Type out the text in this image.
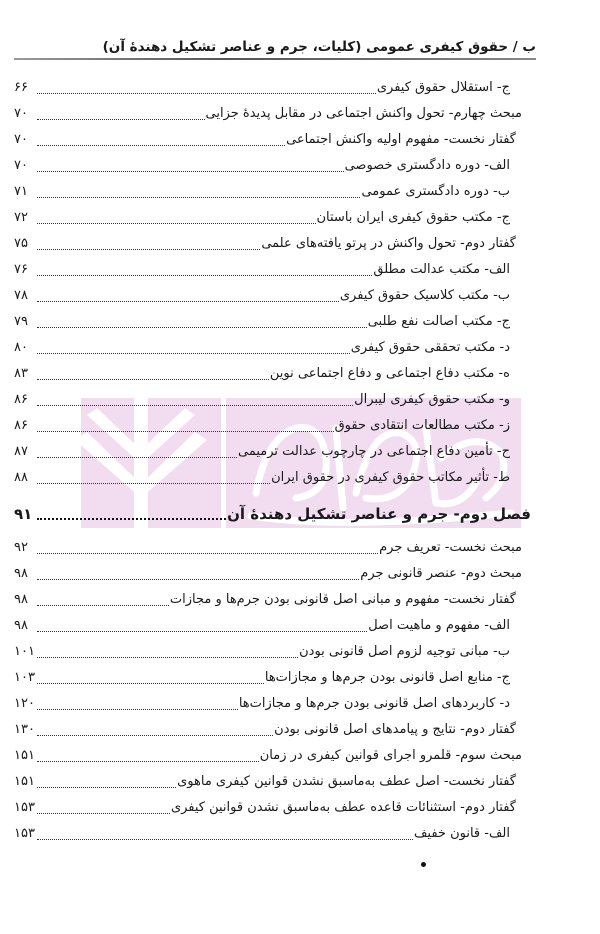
ب / حقوق کیفری عمومی (کلیات، جرم و عناصر تشکیل دهندهٔ آن)
ج- استقلال حقوق کیفری
۶۶
مبحث چهارم- تحول واکنش اجتماعی در مقابل پدیدهٔ جزایی
۷۰
گفتار نخست- مفهوم اولیه واکنش اجتماعی
۷۰
الف- دوره دادگستری خصوصی
۷۰
ب- دوره دادگستری عمومی
۷۱
ج- مکتب حقوق کیفری ایران باستان
۷۲
گفتار دوم- تحول واکنش در پرتو یافته‌های علمی
۷۵
الف- مکتب عدالت مطلق
۷۶
ب- مکتب کلاسیک حقوق کیفری
۷۸
ج- مکتب اصالت نفع طلبی
۷۹
د- مکتب تحققی حقوق کیفری
۸۰
ه- مکتب دفاع اجتماعی و دفاع اجتماعی نوین
۸۳
و- مکتب حقوق کیفری لیبرال
۸۶
ز- مکتب مطالعات انتقادی حقوق
۸۶
ح- تأمین دفاع اجتماعی در چارچوب عدالت ترمیمی
۸۷
ط- تأثیر مکاتب حقوق کیفری در حقوق ایران
۸۸
فصل دوم- جرم و عناصر تشکیل دهندهٔ آن
۹۱
مبحث نخست- تعریف جرم
۹۲
مبحث دوم- عنصر قانونی جرم
۹۸
گفتار نخست- مفهوم و مبانی اصل قانونی بودن جرم‌ها و مجازات
۹۸
الف- مفهوم و ماهیت اصل
۹۸
ب- مبانی توجیه لزوم اصل قانونی بودن
۱۰۱
ج- منابع اصل قانونی بودن جرم‌ها و مجازات‌ها
۱۰۳
د- کاربردهای اصل قانونی بودن جرم‌ها و مجازات‌ها
۱۲۰
گفتار دوم- نتایج و پیامدهای اصل قانونی بودن
۱۳۰
مبحث سوم- قلمرو اجرای قوانین کیفری در زمان
۱۵۱
گفتار نخست- اصل عطف به‌ماسبق نشدن قوانین کیفری ماهوی
۱۵۱
گفتار دوم- استثنائات قاعده عطف به‌ماسبق نشدن قوانین کیفری
۱۵۳
الف- قانون خفیف
۱۵۳
